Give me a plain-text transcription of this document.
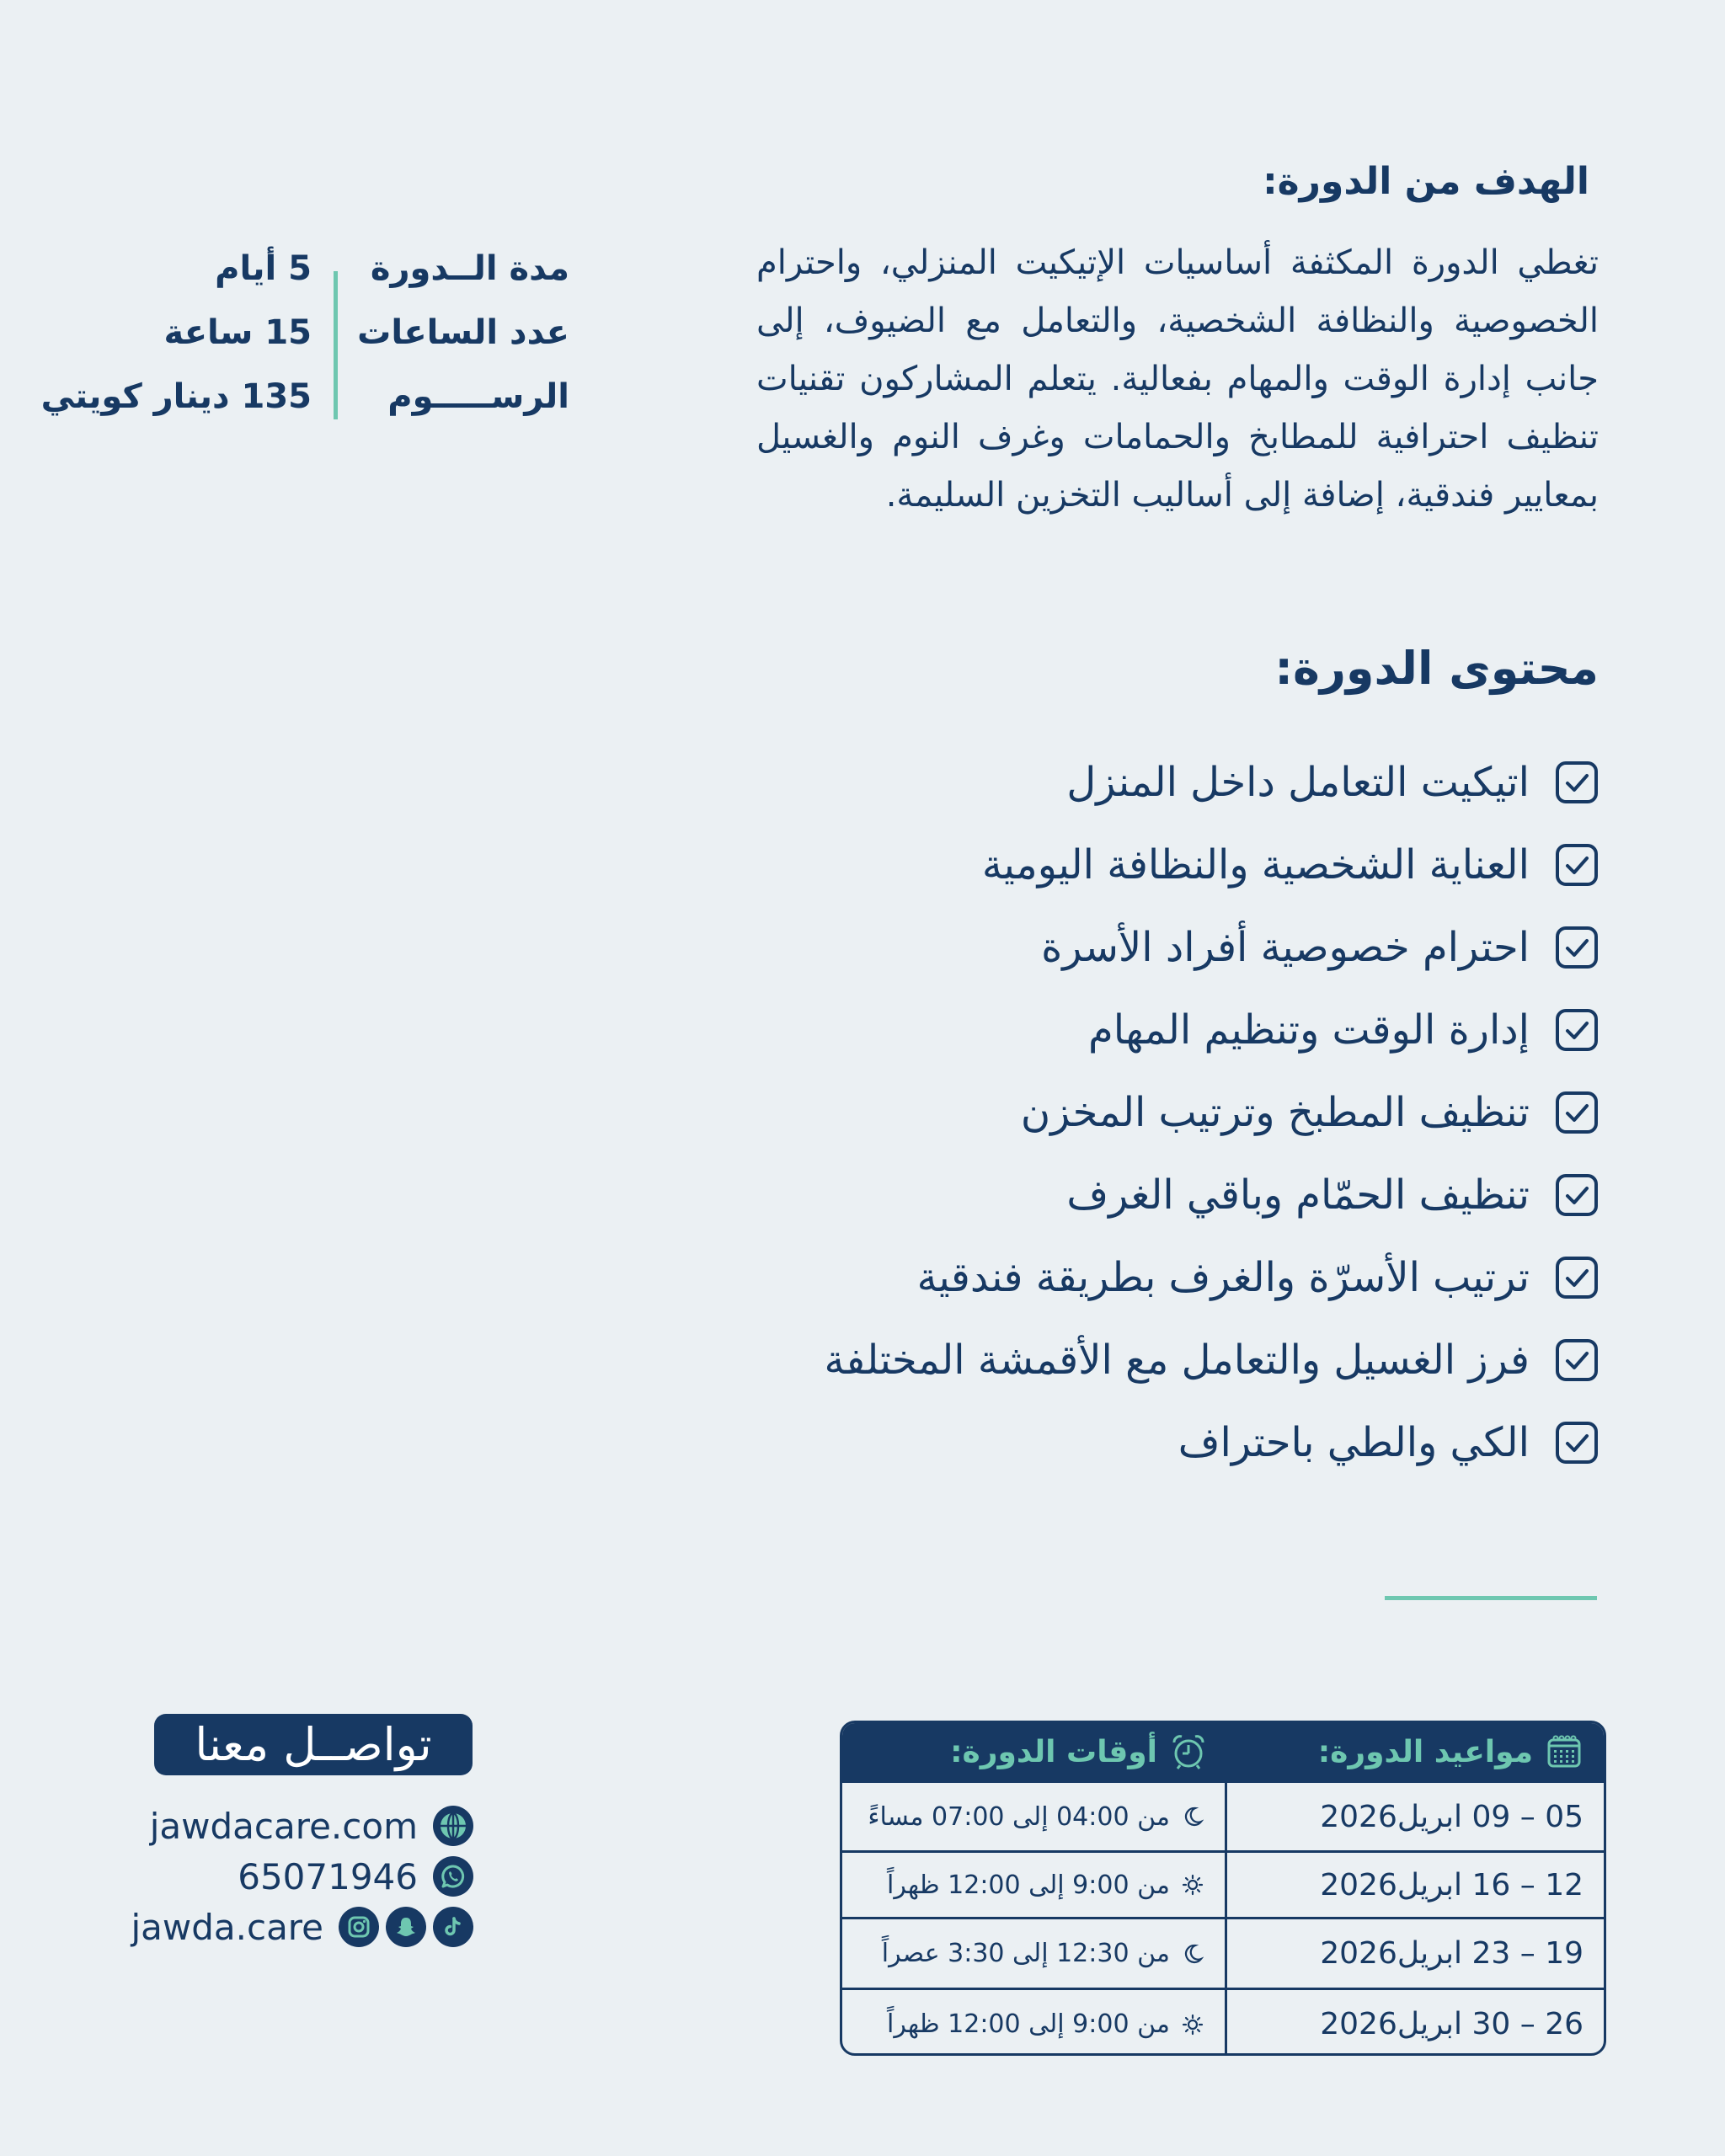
الهدف من الدورة:

تغطي الدورة المكثفة أساسيات الإتيكيت المنزلي، واحترام الخصوصية والنظافة الشخصية، والتعامل مع الضيوف، إلى جانب إدارة الوقت والمهام بفعالية. يتعلم المشاركون تقنيات تنظيف احترافية للمطابخ والحمامات وغرف النوم والغسيل بمعايير فندقية، إضافة إلى أساليب التخزين السليمة.

مدة الــدورة
5 أيام
عدد الساعات
15 ساعة
الرســـــوم
135 دينار كويتي
محتوى الدورة:
اتيكيت التعامل داخل المنزل
العناية الشخصية والنظافة اليومية
احترام خصوصية أفراد الأسرة
إدارة الوقت وتنظيم المهام
تنظيف المطبخ وترتيب المخزن
تنظيف الحمّام وباقي الغرف
ترتيب الأسرّة والغرف بطريقة فندقية
فرز الغسيل والتعامل مع الأقمشة المختلفة
الكي والطي باحتراف
مواعيد الدورة:
أوقات الدورة:
05 – 09 ابريل2026
من 04:00 إلى 07:00 مساءً
12 – 16 ابريل2026
من 9:00 إلى 12:00 ظهراً
19 – 23 ابريل2026
من 12:30 إلى 3:30 عصراً
26 – 30 ابريل2026
من 9:00 إلى 12:00 ظهراً
تواصــل معنا
jawdacare.com
65071946
jawda.care
